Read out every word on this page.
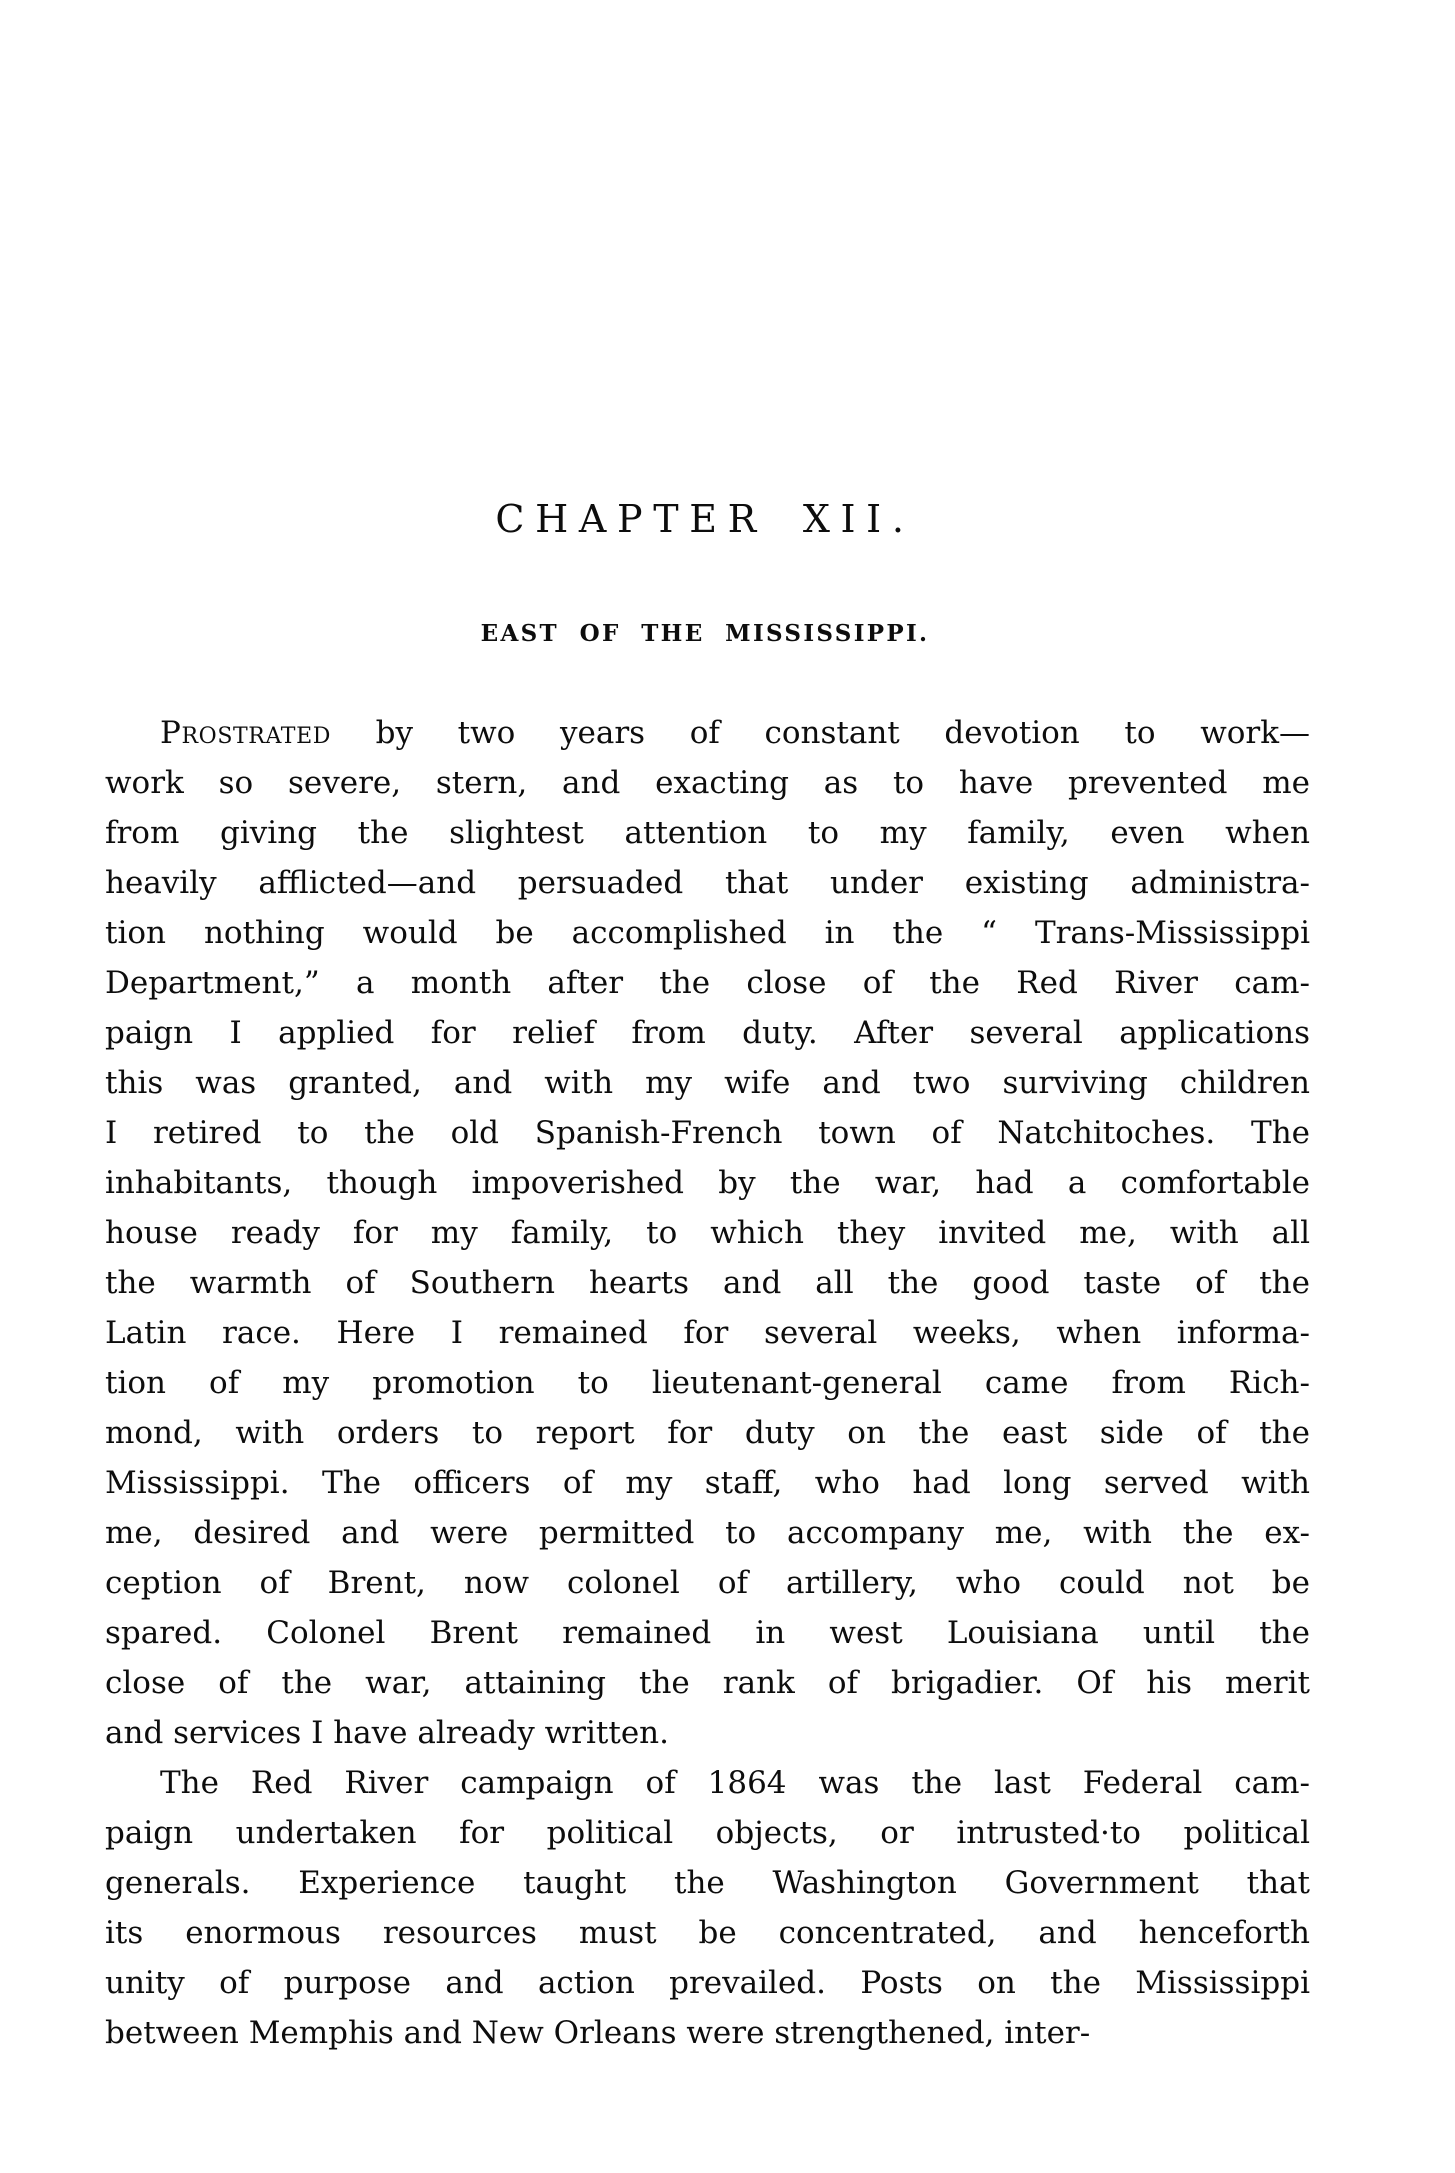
CHAPTER XII.
EAST OF THE MISSISSIPPI.
Prostrated by two years of constant devotion to work—
work so severe, stern, and exacting as to have prevented me
from giving the slightest attention to my family, even when
heavily afflicted—and persuaded that under existing administra-
tion nothing would be accomplished in the “ Trans-Mississippi
Department,” a month after the close of the Red River cam-
paign I applied for relief from duty. After several applications
this was granted, and with my wife and two surviving children
I retired to the old Spanish-French town of Natchitoches. The
inhabitants, though impoverished by the war, had a comfortable
house ready for my family, to which they invited me, with all
the warmth of Southern hearts and all the good taste of the
Latin race. Here I remained for several weeks, when informa-
tion of my promotion to lieutenant-general came from Rich-
mond, with orders to report for duty on the east side of the
Mississippi. The officers of my staff, who had long served with
me, desired and were permitted to accompany me, with the ex-
ception of Brent, now colonel of artillery, who could not be
spared. Colonel Brent remained in west Louisiana until the
close of the war, attaining the rank of brigadier. Of his merit
and services I have already written.
The Red River campaign of 1864 was the last Federal cam-
paign undertaken for political objects, or intrusted·to political
generals. Experience taught the Washington Government that
its enormous resources must be concentrated, and henceforth
unity of purpose and action prevailed. Posts on the Mississippi
between Memphis and New Orleans were strengthened, inter-
